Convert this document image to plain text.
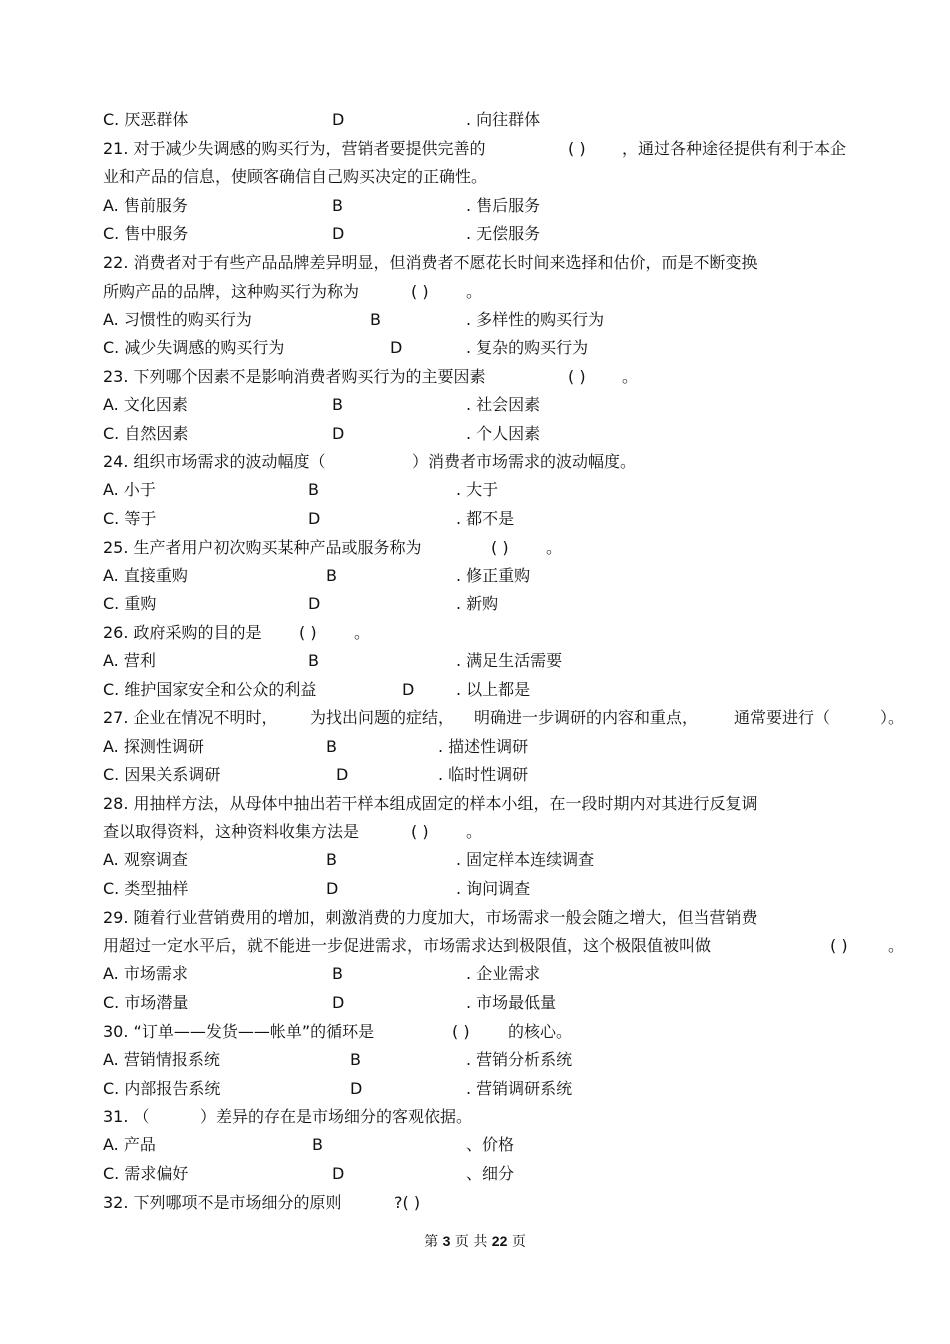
C. 厌恶群体	D	. 向往群体
21. 对于减少失调感的购买行为，营销者要提供完善的	( ) ，通过各种途径提供有利于本企
业和产品的信息，使顾客确信自己购买决定的正确性。
A. 售前服务	B	. 售后服务
C. 售中服务	D	. 无偿服务
22. 消费者对于有些产品品牌差异明显，但消费者不愿花长时间来选择和估价，而是不断变换
所购产品的品牌，这种购买行为称为	( ) 。
A. 习惯性的购买行为	B	. 多样性的购买行为
C. 减少失调感的购买行为	D	. 复杂的购买行为
23. 下列哪个因素不是影响消费者购买行为的主要因素	( ) 。
A. 文化因素	B	. 社会因素
C. 自然因素	D	. 个人因素
24. 组织市场需求的波动幅度（	）消费者市场需求的波动幅度。
A. 小于	B	. 大于
C. 等于	D	. 都不是
25. 生产者用户初次购买某种产品或服务称为	( ) 。
A. 直接重购	B	. 修正重购
C. 重购	D	. 新购
26. 政府采购的目的是 ( ) 。
A. 营利	B	. 满足生活需要
C. 维护国家安全和公众的利益	D	. 以上都是
27. 企业在情况不明时， 为找出问题的症结， 明确进一步调研的内容和重点， 通常要进行（	）。
A. 探测性调研	B	. 描述性调研
C. 因果关系调研	D	. 临时性调研
28. 用抽样方法，从母体中抽出若干样本组成固定的样本小组，在一段时期内对其进行反复调
查以取得资料，这种资料收集方法是	( ) 。
A. 观察调查	B	. 固定样本连续调查
C. 类型抽样	D	. 询问调查
29. 随着行业营销费用的增加，刺激消费的力度加大，市场需求一般会随之增大，但当营销费
用超过一定水平后，就不能进一步促进需求，市场需求达到极限值，这个极限值被叫做	( )	。
A. 市场需求	B	. 企业需求
C. 市场潜量	D	. 市场最低量
30. “订单——发货——帐单”的循环是	( ) 的核心。
A. 营销情报系统	B	. 营销分析系统
C. 内部报告系统	D	. 营销调研系统
31. （	）差异的存在是市场细分的客观依据。
A. 产品	B	、价格
C. 需求偏好	D	、细分
32. 下列哪项不是市场细分的原则	?( )
第 3 页 共 22 页
